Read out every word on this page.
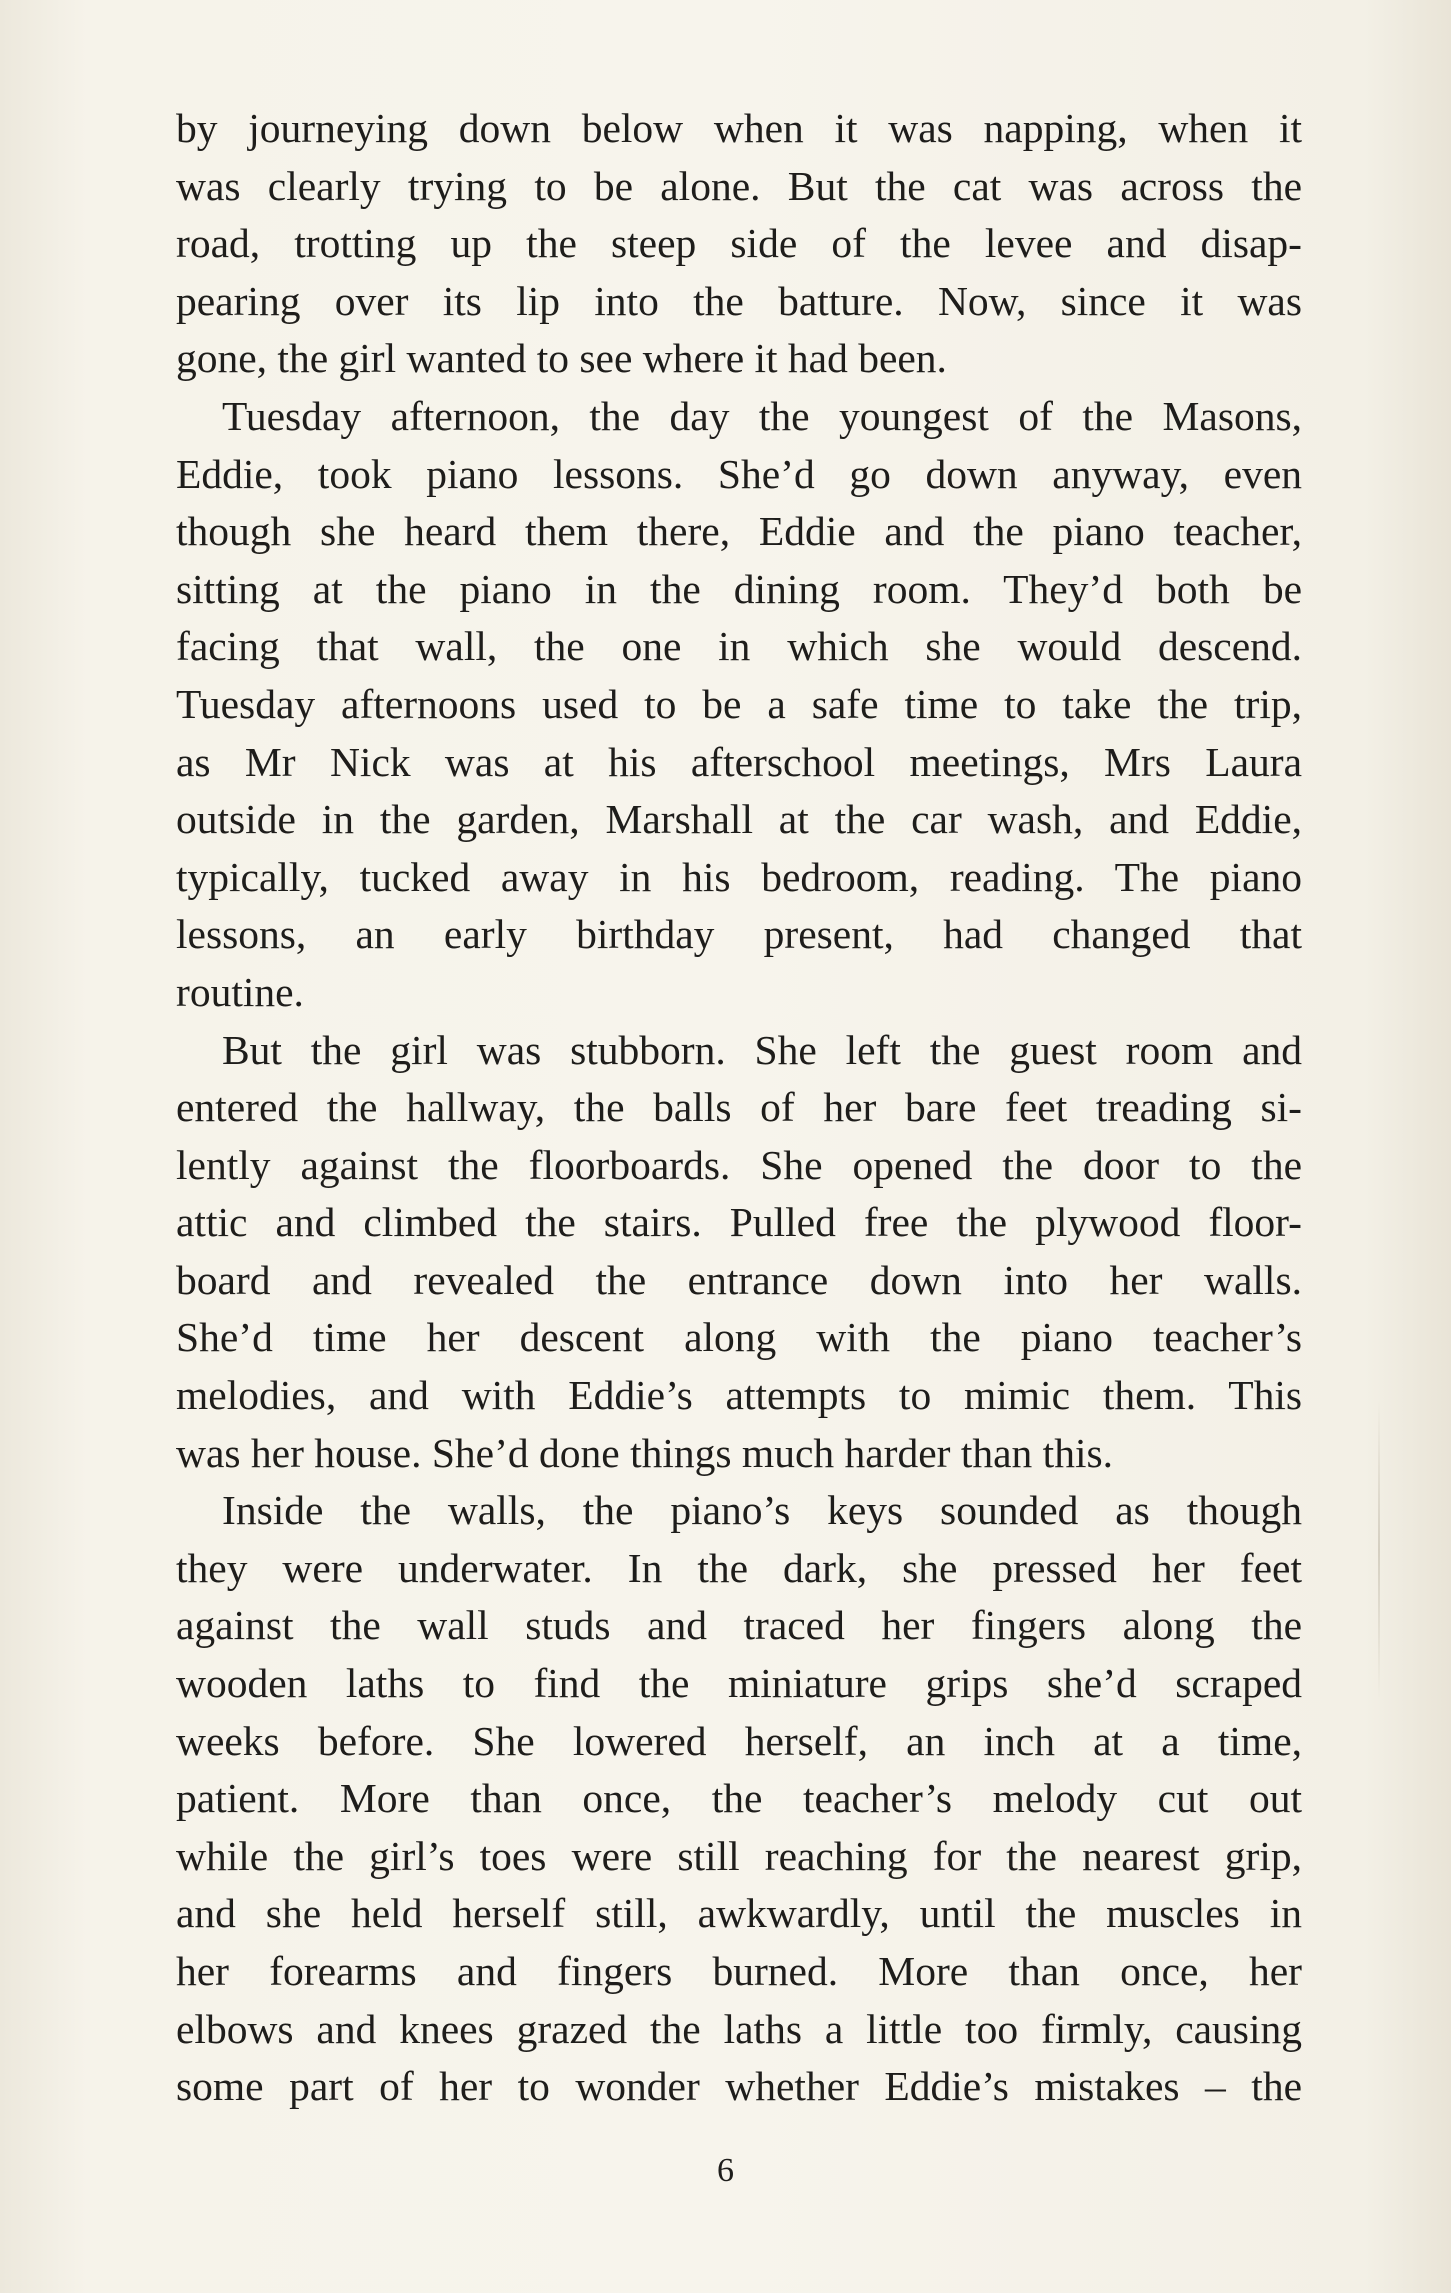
by journeying down below when it was napping, when it
was clearly trying to be alone. But the cat was across the
road, trotting up the steep side of the levee and disap-
pearing over its lip into the batture. Now, since it was
gone, the girl wanted to see where it had been.
Tuesday afternoon, the day the youngest of the Masons,
Eddie, took piano lessons. She’d go down anyway, even
though she heard them there, Eddie and the piano teacher,
sitting at the piano in the dining room. They’d both be
facing that wall, the one in which she would descend.
Tuesday afternoons used to be a safe time to take the trip,
as Mr Nick was at his afterschool meetings, Mrs Laura
outside in the garden, Marshall at the car wash, and Eddie,
typically, tucked away in his bedroom, reading. The piano
lessons, an early birthday present, had changed that
routine.
But the girl was stubborn. She left the guest room and
entered the hallway, the balls of her bare feet treading si-
lently against the floorboards. She opened the door to the
attic and climbed the stairs. Pulled free the plywood floor-
board and revealed the entrance down into her walls.
She’d time her descent along with the piano teacher’s
melodies, and with Eddie’s attempts to mimic them. This
was her house. She’d done things much harder than this.
Inside the walls, the piano’s keys sounded as though
they were underwater. In the dark, she pressed her feet
against the wall studs and traced her fingers along the
wooden laths to find the miniature grips she’d scraped
weeks before. She lowered herself, an inch at a time,
patient. More than once, the teacher’s melody cut out
while the girl’s toes were still reaching for the nearest grip,
and she held herself still, awkwardly, until the muscles in
her forearms and fingers burned. More than once, her
elbows and knees grazed the laths a little too firmly, causing
some part of her to wonder whether Eddie’s mistakes – the
6
